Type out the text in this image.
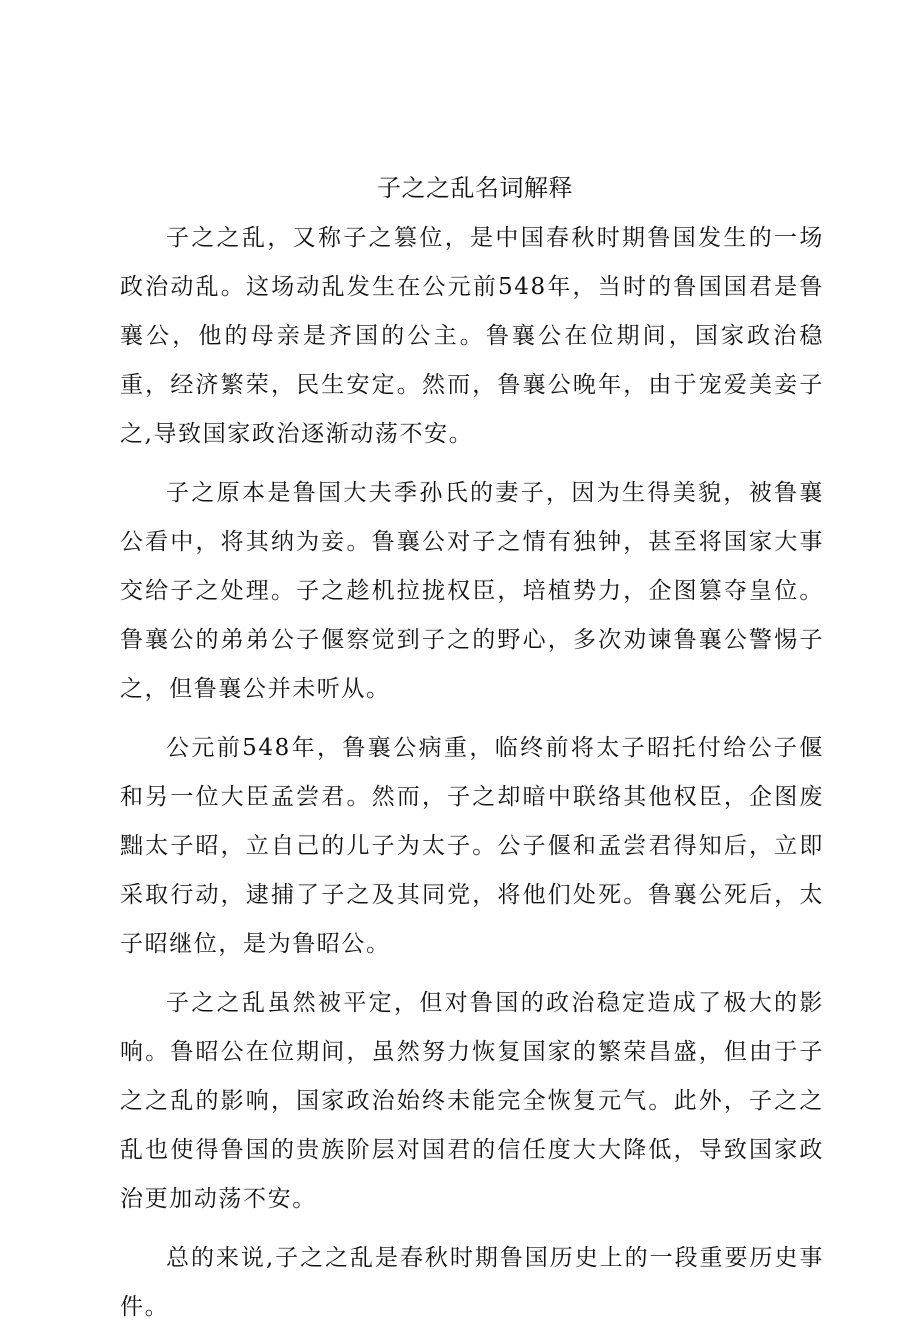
子之之乱名词解释

子之之乱，又称子之篡位，是中国春秋时期鲁国发生的一场政治动乱。这场动乱发生在公元前548年，当时的鲁国国君是鲁襄公，他的母亲是齐国的公主。鲁襄公在位期间，国家政治稳重，经济繁荣，民生安定。然而，鲁襄公晚年，由于宠爱美妾子之,导致国家政治逐渐动荡不安。

子之原本是鲁国大夫季孙氏的妻子，因为生得美貌，被鲁襄公看中，将其纳为妾。鲁襄公对子之情有独钟，甚至将国家大事交给子之处理。子之趁机拉拢权臣，培植势力，企图篡夺皇位。鲁襄公的弟弟公子偃察觉到子之的野心，多次劝谏鲁襄公警惕子之，但鲁襄公并未听从。

公元前548年，鲁襄公病重，临终前将太子昭托付给公子偃和另一位大臣孟尝君。然而，子之却暗中联络其他权臣，企图废黜太子昭，立自己的儿子为太子。公子偃和孟尝君得知后，立即采取行动，逮捕了子之及其同党，将他们处死。鲁襄公死后，太子昭继位，是为鲁昭公。

子之之乱虽然被平定，但对鲁国的政治稳定造成了极大的影响。鲁昭公在位期间，虽然努力恢复国家的繁荣昌盛，但由于子之之乱的影响，国家政治始终未能完全恢复元气。此外，子之之乱也使得鲁国的贵族阶层对国君的信任度大大降低，导致国家政治更加动荡不安。

总的来说,子之之乱是春秋时期鲁国历史上的一段重要历史事件。
